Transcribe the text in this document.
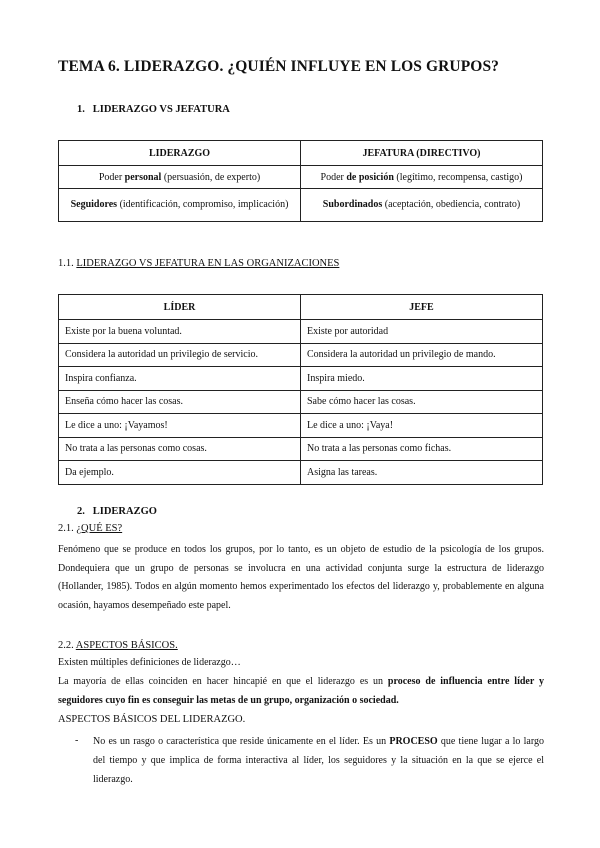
TEMA 6. LIDERAZGO. ¿QUIÉN INFLUYE EN LOS GRUPOS?
1. LIDERAZGO VS JEFATURA
LIDERAZGO	JEFATURA (DIRECTIVO)
Poder personal (persuasión, de experto)	Poder de posición (legítimo, recompensa, castigo)
Seguidores (identificación, compromiso, implicación)	Subordinados (aceptación, obediencia, contrato)
1.1. LIDERAZGO VS JEFATURA EN LAS ORGANIZACIONES
LÍDER	JEFE
Existe por la buena voluntad.	Existe por autoridad
Considera la autoridad un privilegio de servicio.	Considera la autoridad un privilegio de mando.
Inspira confianza.	Inspira miedo.
Enseña cómo hacer las cosas.	Sabe cómo hacer las cosas.
Le dice a uno: ¡Vayamos!	Le dice a uno: ¡Vaya!
No trata a las personas como cosas.	No trata a las personas como fichas.
Da ejemplo.	Asigna las tareas.
2. LIDERAZGO
2.1. ¿QUÉ ES?
Fenómeno que se produce en todos los grupos, por lo tanto, es un objeto de estudio de la psicología de los grupos. Dondequiera que un grupo de personas se involucra en una actividad conjunta surge la estructura de liderazgo (Hollander, 1985). Todos en algún momento hemos experimentado los efectos del liderazgo y, probablemente en alguna ocasión, hayamos desempeñado este papel.
2.2. ASPECTOS BÁSICOS.
Existen múltiples definiciones de liderazgo…
La mayoría de ellas coinciden en hacer hincapié en que el liderazgo es un proceso de influencia entre líder y seguidores cuyo fin es conseguir las metas de un grupo, organización o sociedad.
ASPECTOS BÁSICOS DEL LIDERAZGO.
- No es un rasgo o característica que reside únicamente en el líder. Es un PROCESO que tiene lugar a lo largo del tiempo y que implica de forma interactiva al líder, los seguidores y la situación en la que se ejerce el liderazgo.
